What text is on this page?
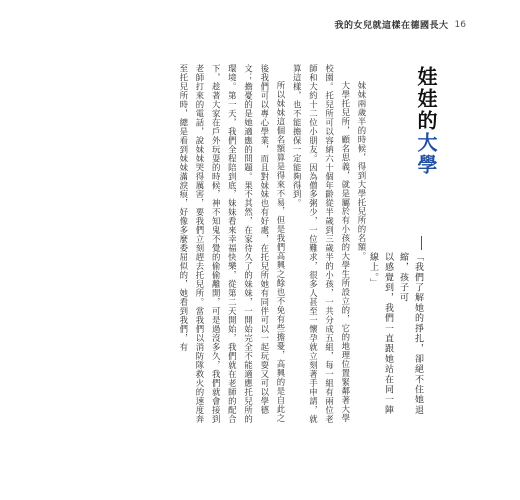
我的女兒就這樣在德國長大 16
娃娃的大學

「我們了解她的掙扎，卻絕不住她退縮，孩子可

以感覺到，我們一直跟她站在同一陣線上。」

妹妹兩歲半的時候，得到大學托兒所的名額。

大學托兒所，顧名思義，就是屬於有小孩的大學生所設立的，它的地理位置緊鄰著大學校園。托兒所可以容納六十個年齡從半歲到三歲半的小孩，一共分成五組，每一組有兩位老師和大約十二位小朋友。因為僧多粥少，一位難求，很多人甚至一懷孕就立刻著手申請，就算這樣，也不能擔保一定能夠得到。

所以妹妹這個名額算是得來不易，但是我們高興之餘也不免有些擔憂，高興的是自此之後我們可以專心學業，而且對妹妹也有好處，在托兒所她有同伴可以一起玩耍又可以學德文；擔憂的是她適應的問題。果不其然，在家待久了的妹妹，一開始完全不能適應托兒所的環境。第一天，我們全程陪到底，妹妹看來幸福快樂，從第二天開始，我們就在老師的配合下，趁著大家在戶外玩耍的時候，神不知鬼不覺的偷偷離開，可是過沒多久，我們就會接到老師打來的電話，說妹妹哭得厲害，要我們立刻趕去托兒所。當我們以消防隊救火的速度奔至托兒所時，總是看到妹妹滿淚痕，好像多麼委屈似的，她看到我們，有
